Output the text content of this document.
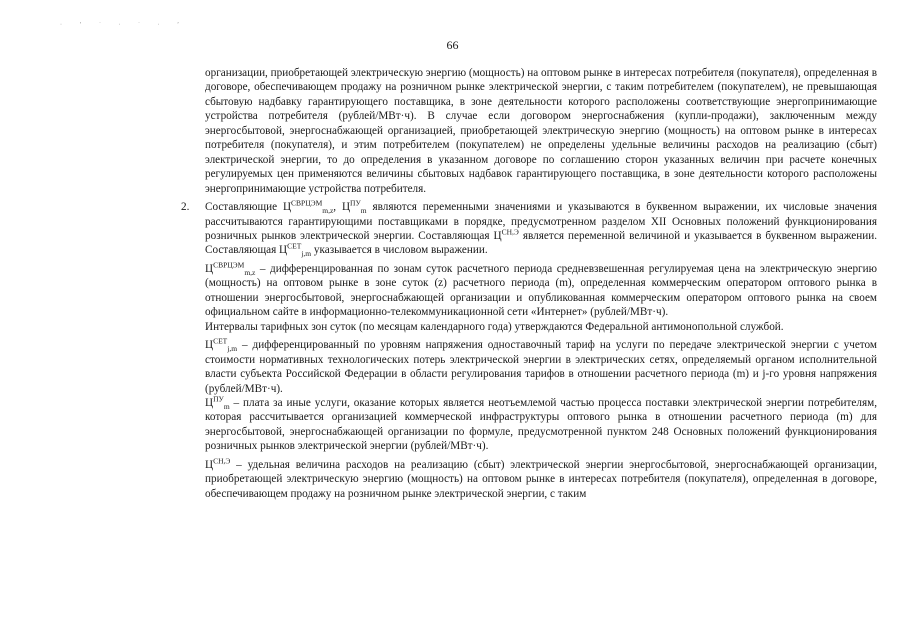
· ʼ ˙ · ˙ · ʼ
66

организации, приобретающей электрическую энергию (мощность) на оптовом рынке в интересах потребителя (покупателя), определенная в договоре, обеспечивающем продажу на розничном рынке электрической энергии, с таким потребителем (покупателем), не превышающая сбытовую надбавку гарантирующего поставщика, в зоне деятельности которого расположены соответствующие энергопринимающие устройства потребителя (рублей/МВт·ч). В случае если договором энергоснабжения (купли-продажи), заключенным между энергосбытовой, энергоснабжающей организацией, приобретающей электрическую энергию (мощность) на оптовом рынке в интересах потребителя (покупателя), и этим потребителем (покупателем) не определены удельные величины расходов на реализацию (сбыт) электрической энергии, то до определения в указанном договоре по соглашению сторон указанных величин при расчете конечных регулируемых цен применяются величины сбытовых надбавок гарантирующего поставщика, в зоне деятельности которого расположены энергопринимающие устройства потребителя.

2. Составляющие $Ц^{СВРЦЭМ}_{m,z}$, $Ц^{ПУ}_m$ являются переменными значениями и указываются в буквенном выражении, их числовые значения рассчитываются гарантирующими поставщиками в порядке, предусмотренном разделом XII Основных положений функционирования розничных рынков электрической энергии. Составляющая $Ц^{СН,Э}$ является переменной величиной и указывается в буквенном выражении. Составляющая $Ц^{СЕТ}_{j,m}$ указывается в числовом выражении.

$Ц^{СВРЦЭМ}_{m,z}$ – дифференцированная по зонам суток расчетного периода средневзвешенная регулируемая цена на электрическую энергию (мощность) на оптовом рынке в зоне суток (z) расчетного периода (m), определенная коммерческим оператором оптового рынка в отношении энергосбытовой, энергоснабжающей организации и опубликованная коммерческим оператором оптового рынка на своем официальном сайте в информационно-телекоммуникационной сети «Интернет» (рублей/МВт·ч).

Интервалы тарифных зон суток (по месяцам календарного года) утверждаются Федеральной антимонопольной службой.

$Ц^{СЕТ}_{j,m}$ – дифференцированный по уровням напряжения одноставочный тариф на услуги по передаче электрической энергии с учетом стоимости нормативных технологических потерь электрической энергии в электрических сетях, определяемый органом исполнительной власти субъекта Российской Федерации в области регулирования тарифов в отношении расчетного периода (m) и j-го уровня напряжения (рублей/МВт·ч).

$Ц^{ПУ}_m$ – плата за иные услуги, оказание которых является неотъемлемой частью процесса поставки электрической энергии потребителям, которая рассчитывается организацией коммерческой инфраструктуры оптового рынка в отношении расчетного периода (m) для энергосбытовой, энергоснабжающей организации по формуле, предусмотренной пунктом 248 Основных положений функционирования розничных рынков электрической энергии (рублей/МВт·ч).

$Ц^{СН,Э}$ – удельная величина расходов на реализацию (сбыт) электрической энергии энергосбытовой, энергоснабжающей организации, приобретающей электрическую энергию (мощность) на оптовом рынке в интересах потребителя (покупателя), определенная в договоре, обеспечивающем продажу на розничном рынке электрической энергии, с таким
